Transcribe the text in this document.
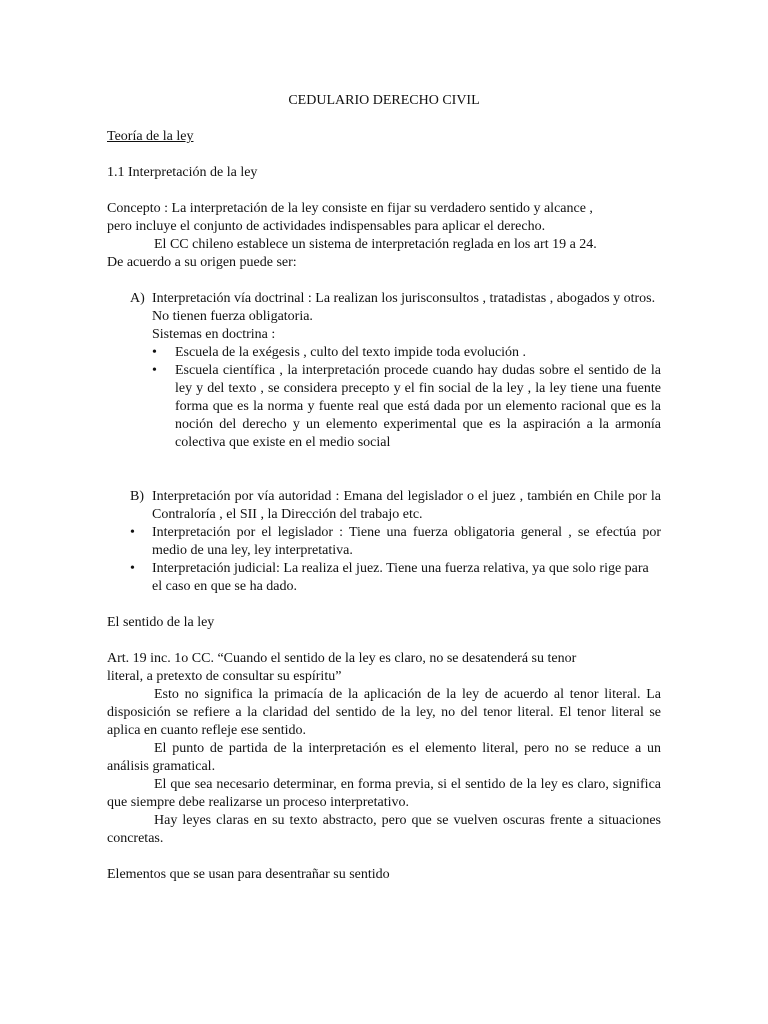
CEDULARIO DERECHO CIVIL
Teoría de la ley
1.1 Interpretación de la ley

Concepto : La interpretación de la ley consiste en fijar su verdadero sentido y alcance ,

pero incluye el conjunto de actividades indispensables para aplicar el derecho.

El CC chileno establece un sistema de interpretación reglada en los art 19 a 24.

De acuerdo a su origen puede ser:

A) Interpretación vía doctrinal : La realizan los jurisconsultos , tratadistas , abogados y otros. No tienen fuerza obligatoria.

Sistemas en doctrina :

• Escuela de la exégesis , culto del texto impide toda evolución .

• Escuela científica , la interpretación procede cuando hay dudas sobre el sentido de la ley y del texto , se considera precepto y el fin social de la ley , la ley tiene una fuente forma que es la norma y fuente real que está dada por un elemento racional que es la noción del derecho y un elemento experimental que es la aspiración a la armonía colectiva que existe en el medio social

B) Interpretación por vía autoridad : Emana del legislador o el juez , también en Chile por la Contraloría , el SII , la Dirección del trabajo etc.

• Interpretación por el legislador : Tiene una fuerza obligatoria general , se efectúa por medio de una ley, ley interpretativa.

• Interpretación judicial: La realiza el juez. Tiene una fuerza relativa, ya que solo rige para el caso en que se ha dado.

El sentido de la ley

Art. 19 inc. 1o CC. “Cuando el sentido de la ley es claro, no se desatenderá su tenor

literal, a pretexto de consultar su espíritu”

Esto no significa la primacía de la aplicación de la ley de acuerdo al tenor literal. La disposición se refiere a la claridad del sentido de la ley, no del tenor literal. El tenor literal se aplica en cuanto refleje ese sentido.

El punto de partida de la interpretación es el elemento literal, pero no se reduce a un análisis gramatical.

El que sea necesario determinar, en forma previa, si el sentido de la ley es claro, significa que siempre debe realizarse un proceso interpretativo.

Hay leyes claras en su texto abstracto, pero que se vuelven oscuras frente a situaciones concretas.

Elementos que se usan para desentrañar su sentido
